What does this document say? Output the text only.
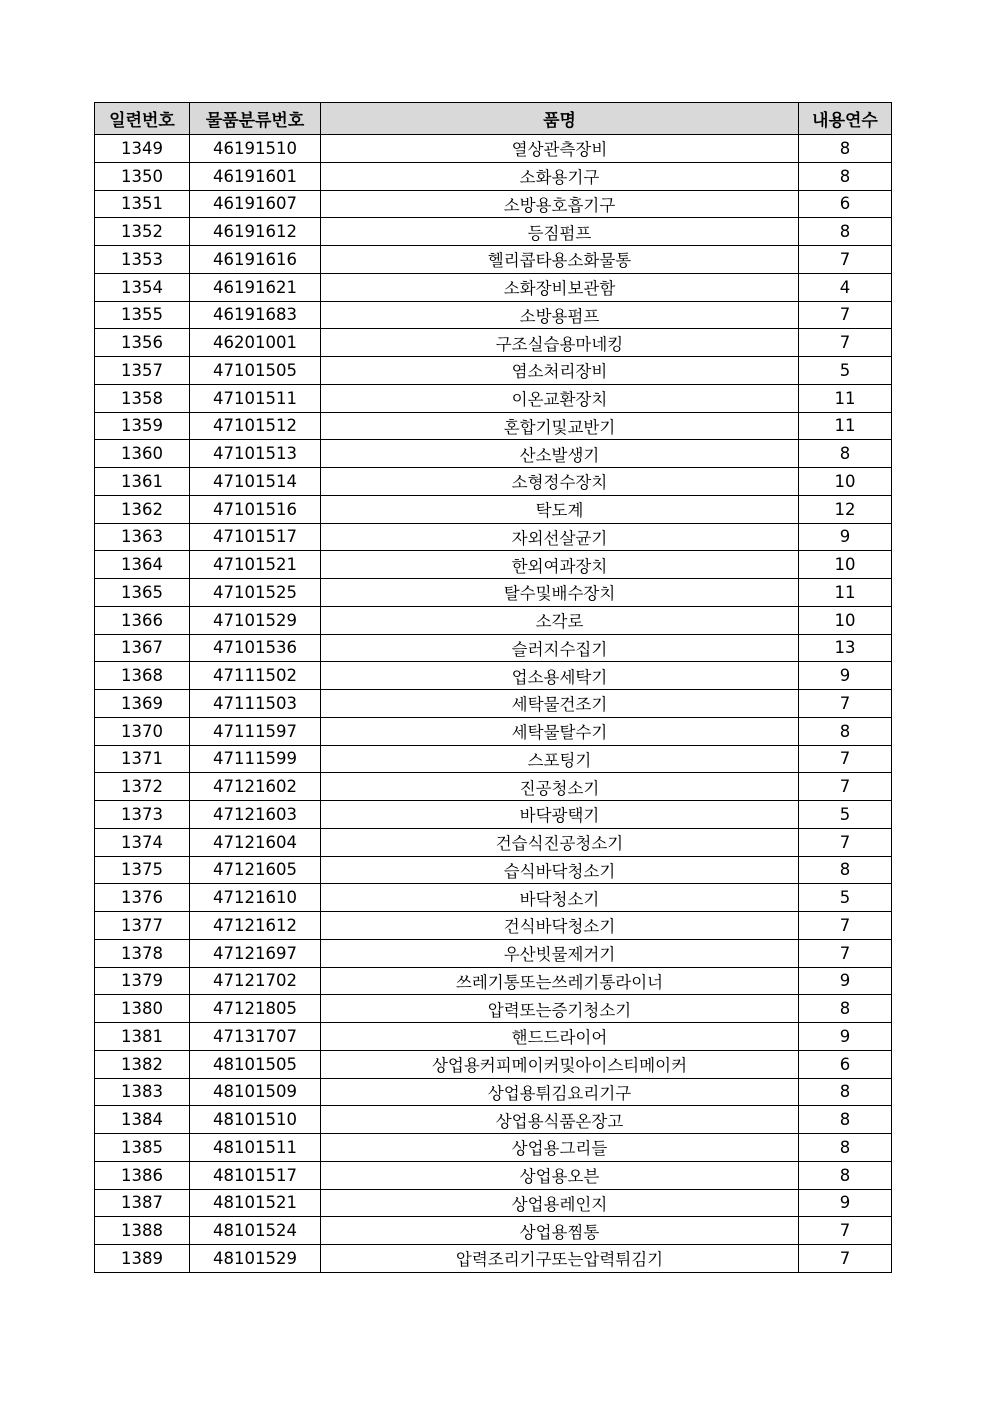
일련번호	물품분류번호	품명	내용연수
1349	46191510	열상관측장비	8
1350	46191601	소화용기구	8
1351	46191607	소방용호흡기구	6
1352	46191612	등짐펌프	8
1353	46191616	헬리콥타용소화물통	7
1354	46191621	소화장비보관함	4
1355	46191683	소방용펌프	7
1356	46201001	구조실습용마네킹	7
1357	47101505	염소처리장비	5
1358	47101511	이온교환장치	11
1359	47101512	혼합기및교반기	11
1360	47101513	산소발생기	8
1361	47101514	소형정수장치	10
1362	47101516	탁도계	12
1363	47101517	자외선살균기	9
1364	47101521	한외여과장치	10
1365	47101525	탈수및배수장치	11
1366	47101529	소각로	10
1367	47101536	슬러지수집기	13
1368	47111502	업소용세탁기	9
1369	47111503	세탁물건조기	7
1370	47111597	세탁물탈수기	8
1371	47111599	스포팅기	7
1372	47121602	진공청소기	7
1373	47121603	바닥광택기	5
1374	47121604	건습식진공청소기	7
1375	47121605	습식바닥청소기	8
1376	47121610	바닥청소기	5
1377	47121612	건식바닥청소기	7
1378	47121697	우산빗물제거기	7
1379	47121702	쓰레기통또는쓰레기통라이너	9
1380	47121805	압력또는증기청소기	8
1381	47131707	핸드드라이어	9
1382	48101505	상업용커피메이커및아이스티메이커	6
1383	48101509	상업용튀김요리기구	8
1384	48101510	상업용식품온장고	8
1385	48101511	상업용그리들	8
1386	48101517	상업용오븐	8
1387	48101521	상업용레인지	9
1388	48101524	상업용찜통	7
1389	48101529	압력조리기구또는압력튀김기	7
